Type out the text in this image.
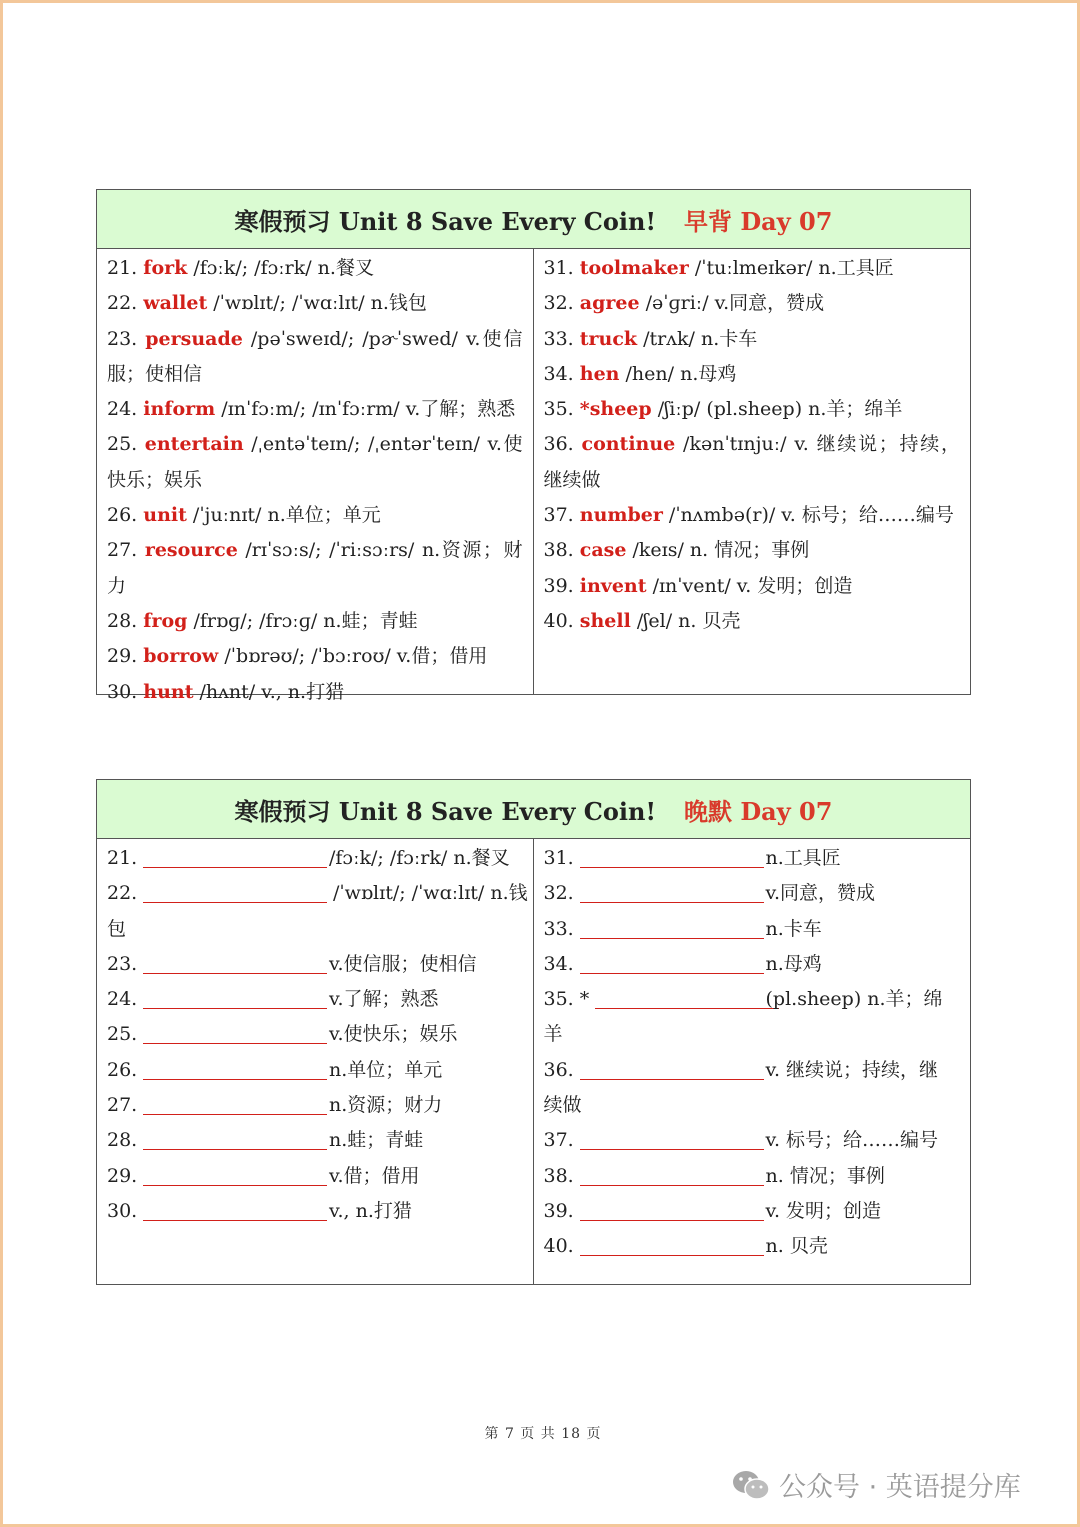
寒假预习 Unit 8 Save Every Coin! 早背 Day 07
21. fork /fɔːk/; /fɔːrk/ n.餐叉
22. wallet /ˈwɒlɪt/; /ˈwɑːlɪt/ n.钱包
23. persuade /pəˈsweɪd/; /pɚˈswed/ v.使信服；使相信
24. inform /ɪnˈfɔːm/; /ɪnˈfɔːrm/ v.了解；熟悉
25. entertain /ˌentəˈteɪn/; /ˌentərˈteɪn/ v.使快乐；娱乐
26. unit /ˈjuːnɪt/ n.单位；单元
27. resource /rɪˈsɔːs/; /ˈriːsɔːrs/ n.资源；财力
28. frog /frɒɡ/; /frɔːɡ/ n.蛙；青蛙
29. borrow /ˈbɒrəʊ/; /ˈbɔːroʊ/ v.借；借用
30. hunt /hʌnt/ v., n.打猎
31. toolmaker /ˈtuːlmeɪkər/ n.工具匠
32. agree /əˈɡriː/ v.同意，赞成
33. truck /trʌk/ n.卡车
34. hen /hen/ n.母鸡
35. *sheep /ʃiːp/ (pl.sheep) n.羊；绵羊
36. continue /kənˈtɪnjuː/ v. 继续说；持续，继续做
37. number /ˈnʌmbə(r)/ v. 标号；给……编号
38. case /keɪs/ n. 情况；事例
39. invent /ɪnˈvent/ v. 发明；创造
40. shell /ʃel/ n. 贝壳
寒假预习 Unit 8 Save Every Coin! 晚默 Day 07
21.	/fɔːk/; /fɔːrk/ n.餐叉
22.	/ˈwɒlɪt/; /ˈwɑːlɪt/ n.钱
包
23.	v.使信服；使相信
24.	v.了解；熟悉
25.	v.使快乐；娱乐
26.	n.单位；单元
27.	n.资源；财力
28.	n.蛙；青蛙
29.	v.借；借用
30.	v., n.打猎
31.	n.工具匠
32.	v.同意，赞成
33.	n.卡车
34.	n.母鸡
35. *	(pl.sheep) n.羊；绵
羊
36.	v. 继续说；持续，继
续做
37.	v. 标号；给……编号
38.	n. 情况；事例
39.	v. 发明；创造
40.	n. 贝壳
第 7 页 共 18 页
公众号 · 英语提分库
